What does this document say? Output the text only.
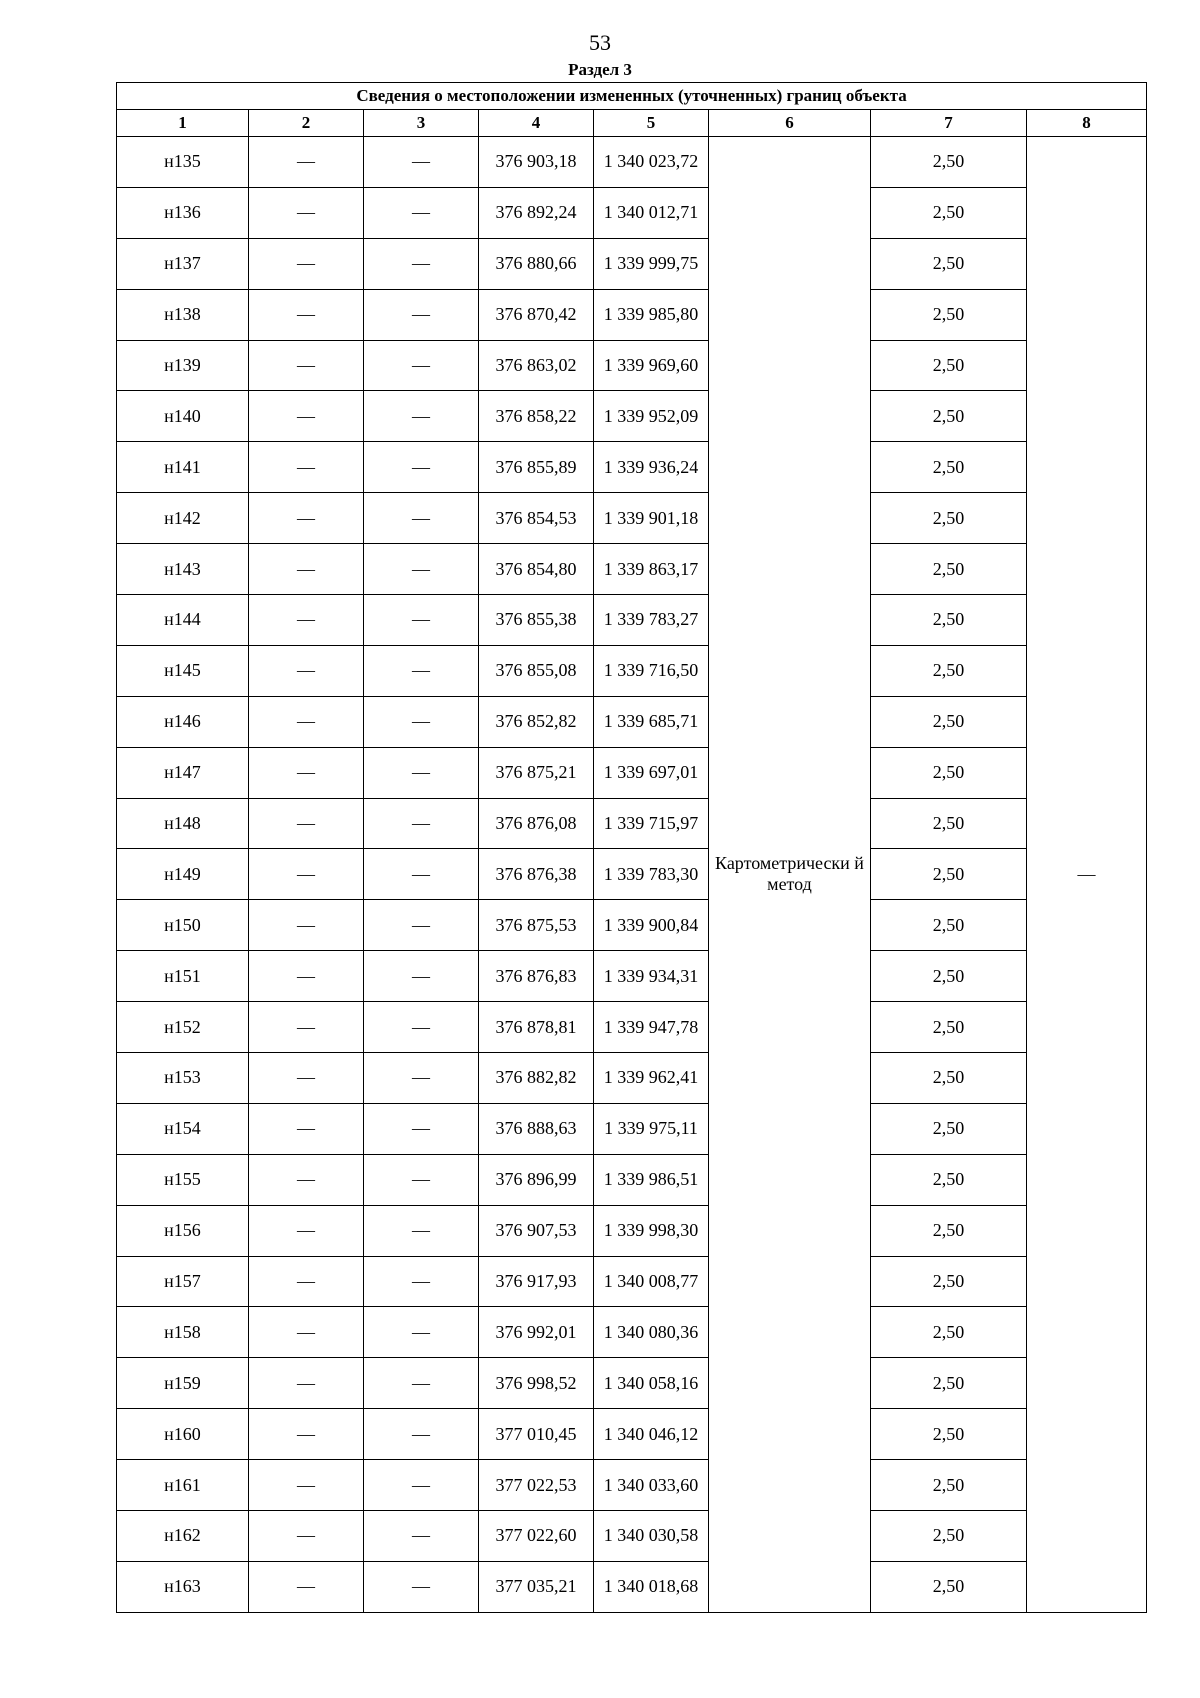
53
Раздел 3
Сведения о местоположении измененных (уточненных) границ объекта							
1	2	3	4	5	6	7	8
н135	—	—	376 903,18	1 340 023,72	Картометрически й метод	2,50	—
н136	—	—	376 892,24	1 340 012,71		2,50	
н137	—	—	376 880,66	1 339 999,75		2,50	
н138	—	—	376 870,42	1 339 985,80		2,50	
н139	—	—	376 863,02	1 339 969,60		2,50	
н140	—	—	376 858,22	1 339 952,09		2,50	
н141	—	—	376 855,89	1 339 936,24		2,50	
н142	—	—	376 854,53	1 339 901,18		2,50	
н143	—	—	376 854,80	1 339 863,17		2,50	
н144	—	—	376 855,38	1 339 783,27		2,50	
н145	—	—	376 855,08	1 339 716,50		2,50	
н146	—	—	376 852,82	1 339 685,71		2,50	
н147	—	—	376 875,21	1 339 697,01		2,50	
н148	—	—	376 876,08	1 339 715,97		2,50	
н149	—	—	376 876,38	1 339 783,30		2,50	
н150	—	—	376 875,53	1 339 900,84		2,50	
н151	—	—	376 876,83	1 339 934,31		2,50	
н152	—	—	376 878,81	1 339 947,78		2,50	
н153	—	—	376 882,82	1 339 962,41		2,50	
н154	—	—	376 888,63	1 339 975,11		2,50	
н155	—	—	376 896,99	1 339 986,51		2,50	
н156	—	—	376 907,53	1 339 998,30		2,50	
н157	—	—	376 917,93	1 340 008,77		2,50	
н158	—	—	376 992,01	1 340 080,36		2,50	
н159	—	—	376 998,52	1 340 058,16		2,50	
н160	—	—	377 010,45	1 340 046,12		2,50	
н161	—	—	377 022,53	1 340 033,60		2,50	
н162	—	—	377 022,60	1 340 030,58		2,50	
н163	—	—	377 035,21	1 340 018,68		2,50	
